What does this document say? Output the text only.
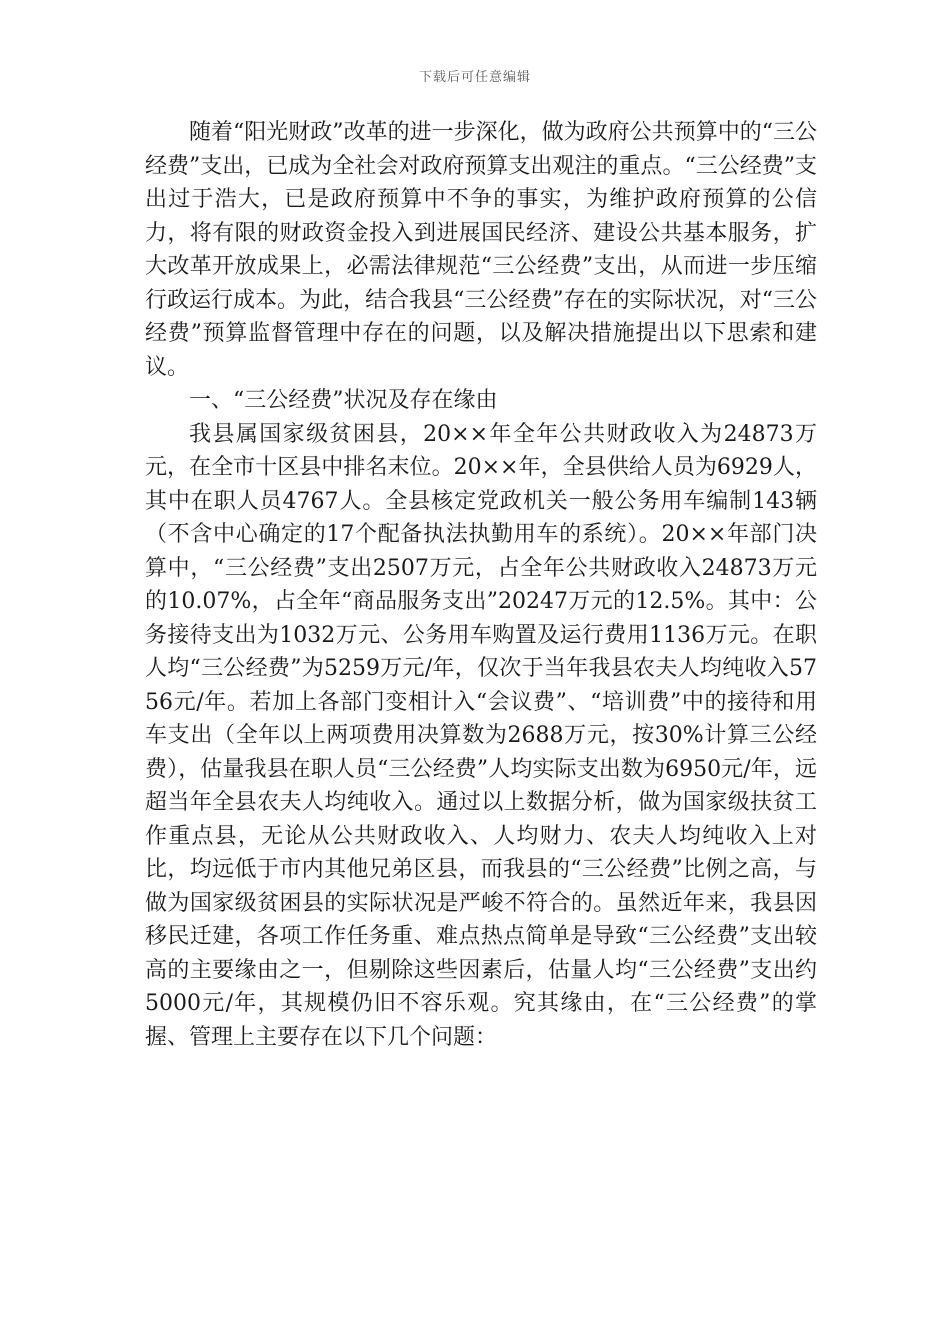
下载后可任意编辑

随着“阳光财政”改革的进一步深化，做为政府公共预算中的“三公经费”支出，已成为全社会对政府预算支出观注的重点。“三公经费”支出过于浩大，已是政府预算中不争的事实，为维护政府预算的公信力，将有限的财政资金投入到进展国民经济、建设公共基本服务，扩大改革开放成果上，必需法律规范“三公经费”支出，从而进一步压缩行政运行成本。为此，结合我县“三公经费”存在的实际状况，对“三公经费”预算监督管理中存在的问题，以及解决措施提出以下思索和建议。

一、“三公经费”状况及存在缘由

我县属国家级贫困县，20××年全年公共财政收入为24873万元，在全市十区县中排名末位。20××年，全县供给人员为6929人，其中在职人员4767人。全县核定党政机关一般公务用车编制143辆（不含中心确定的17个配备执法执勤用车的系统）。20××年部门决算中，“三公经费”支出2507万元，占全年公共财政收入24873万元的10.07%，占全年“商品服务支出”20247万元的12.5%。其中：公务接待支出为1032万元、公务用车购置及运行费用1136万元。在职人均“三公经费”为5259万元/年，仅次于当年我县农夫人均纯收入5756元/年。若加上各部门变相计入“会议费”、“培训费”中的接待和用车支出（全年以上两项费用决算数为2688万元，按30%计算三公经费），估量我县在职人员“三公经费”人均实际支出数为6950元/年，远超当年全县农夫人均纯收入。通过以上数据分析，做为国家级扶贫工作重点县，无论从公共财政收入、人均财力、农夫人均纯收入上对比，均远低于市内其他兄弟区县，而我县的“三公经费”比例之高，与做为国家级贫困县的实际状况是严峻不符合的。虽然近年来，我县因移民迁建，各项工作任务重、难点热点简单是导致“三公经费”支出较高的主要缘由之一，但剔除这些因素后，估量人均“三公经费”支出约5000元/年，其规模仍旧不容乐观。究其缘由，在“三公经费”的掌握、管理上主要存在以下几个问题：
